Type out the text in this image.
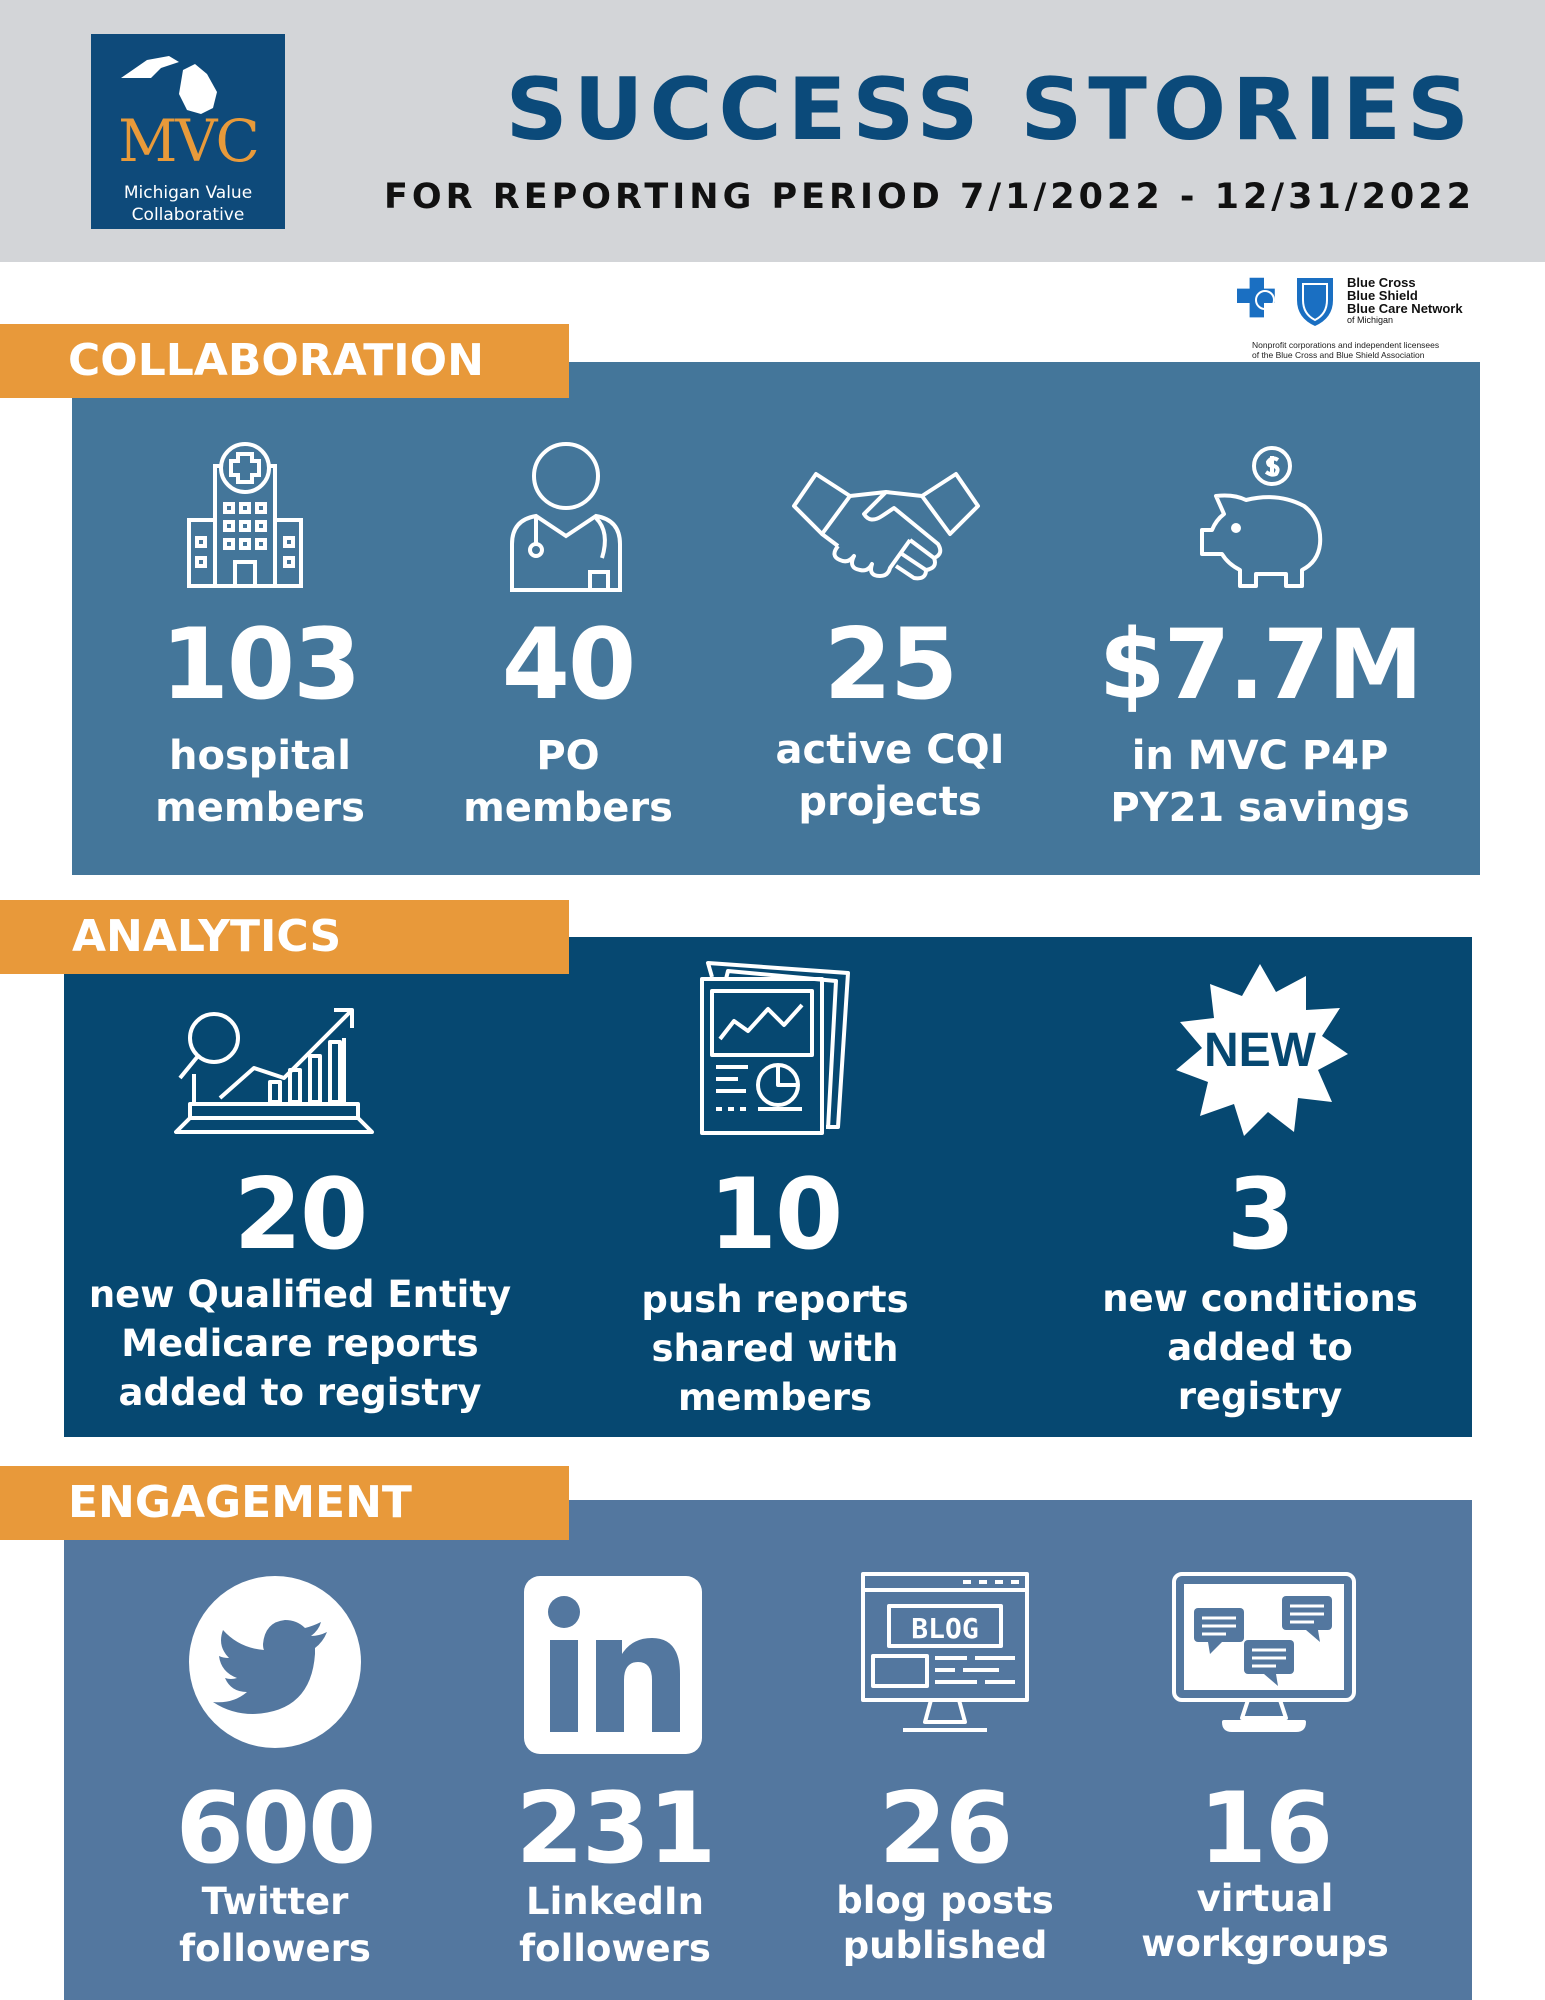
MVC
Michigan Value
Collaborative
SUCCESS STORIES
FOR REPORTING PERIOD 7/1/2022 - 12/31/2022
Blue Cross
Blue Shield
Blue Care Network
of Michigan
Nonprofit corporations and independent licensees
of the Blue Cross and Blue Shield Association
COLLABORATION
103
hospital
members
40
PO
members
25
active CQI
projects
$7.7M
in MVC P4P
PY21 savings
ANALYTICS
20
new Qualified Entity
Medicare reports
added to registry
10
push reports
shared with
members
NEW
3
new conditions
added to
registry
ENGAGEMENT
600
Twitter
followers
231
LinkedIn
followers
BLOG
26
blog posts
published
16
virtual
workgroups
